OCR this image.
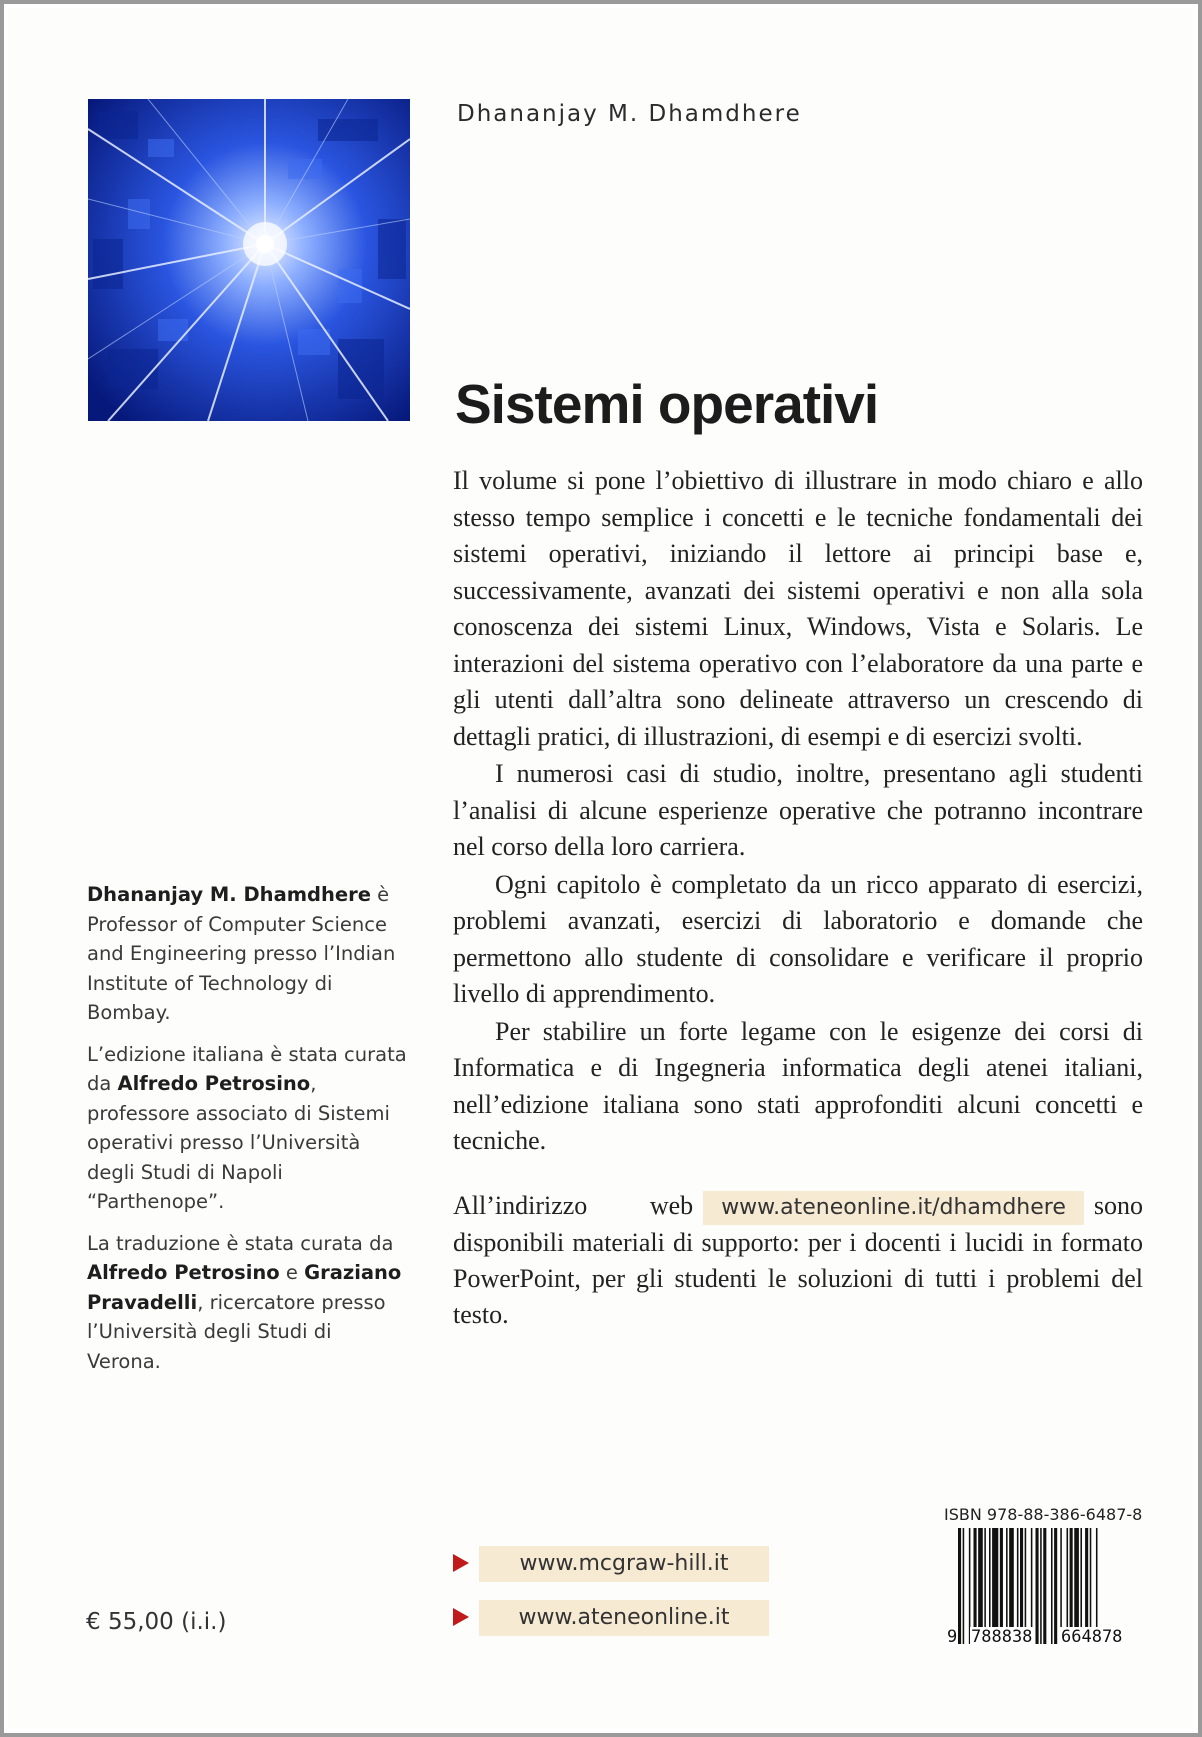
Dhananjay M. Dhamdhere
Sistemi operativi

Il volume si pone l’obiettivo di illustrare in modo chiaro e allo stesso tempo semplice i concetti e le tecniche fondamentali dei sistemi operativi, iniziando il lettore ai principi base e, successivamente, avanzati dei sistemi operativi e non alla sola conoscenza dei sistemi Linux, Windows, Vista e Solaris. Le interazioni del sistema operativo con l’elaboratore da una parte e gli utenti dall’altra sono delineate attraverso un crescendo di dettagli pratici, di illustrazioni, di esempi e di esercizi svolti.

I numerosi casi di studio, inoltre, presentano agli studenti l’analisi di alcune esperienze operative che potranno incontrare nel corso della loro carriera.

Ogni capitolo è completato da un ricco apparato di esercizi, problemi avanzati, esercizi di laboratorio e domande che permettono allo studente di consolidare e verificare il proprio livello di apprendimento.

Per stabilire un forte legame con le esigenze dei corsi di Informatica e di Ingegneria informatica degli atenei italiani, nell’edizione italiana sono stati approfonditi alcuni concetti e tecniche.

All’indirizzo web www.ateneonline.it/dhamdhere sono disponibili materiali di supporto: per i docenti i lucidi in formato PowerPoint, per gli studenti le soluzioni di tutti i problemi del testo.

Dhananjay M. Dhamdhere è Professor of Computer Science and Engineering presso l’Indian Institute of Technology di Bombay.

L’edizione italiana è stata curata da Alfredo Petrosino, professore associato di Sistemi operativi presso l’Università degli Studi di Napoli “Parthenope”.

La traduzione è stata curata da Alfredo Petrosino e Graziano Pravadelli, ricercatore presso l’Università degli Studi di Verona.

€ 55,00 (i.i.)
www.mcgraw-hill.it
www.ateneonline.it
ISBN 978-88-386-6487-8
9 788838 664878
